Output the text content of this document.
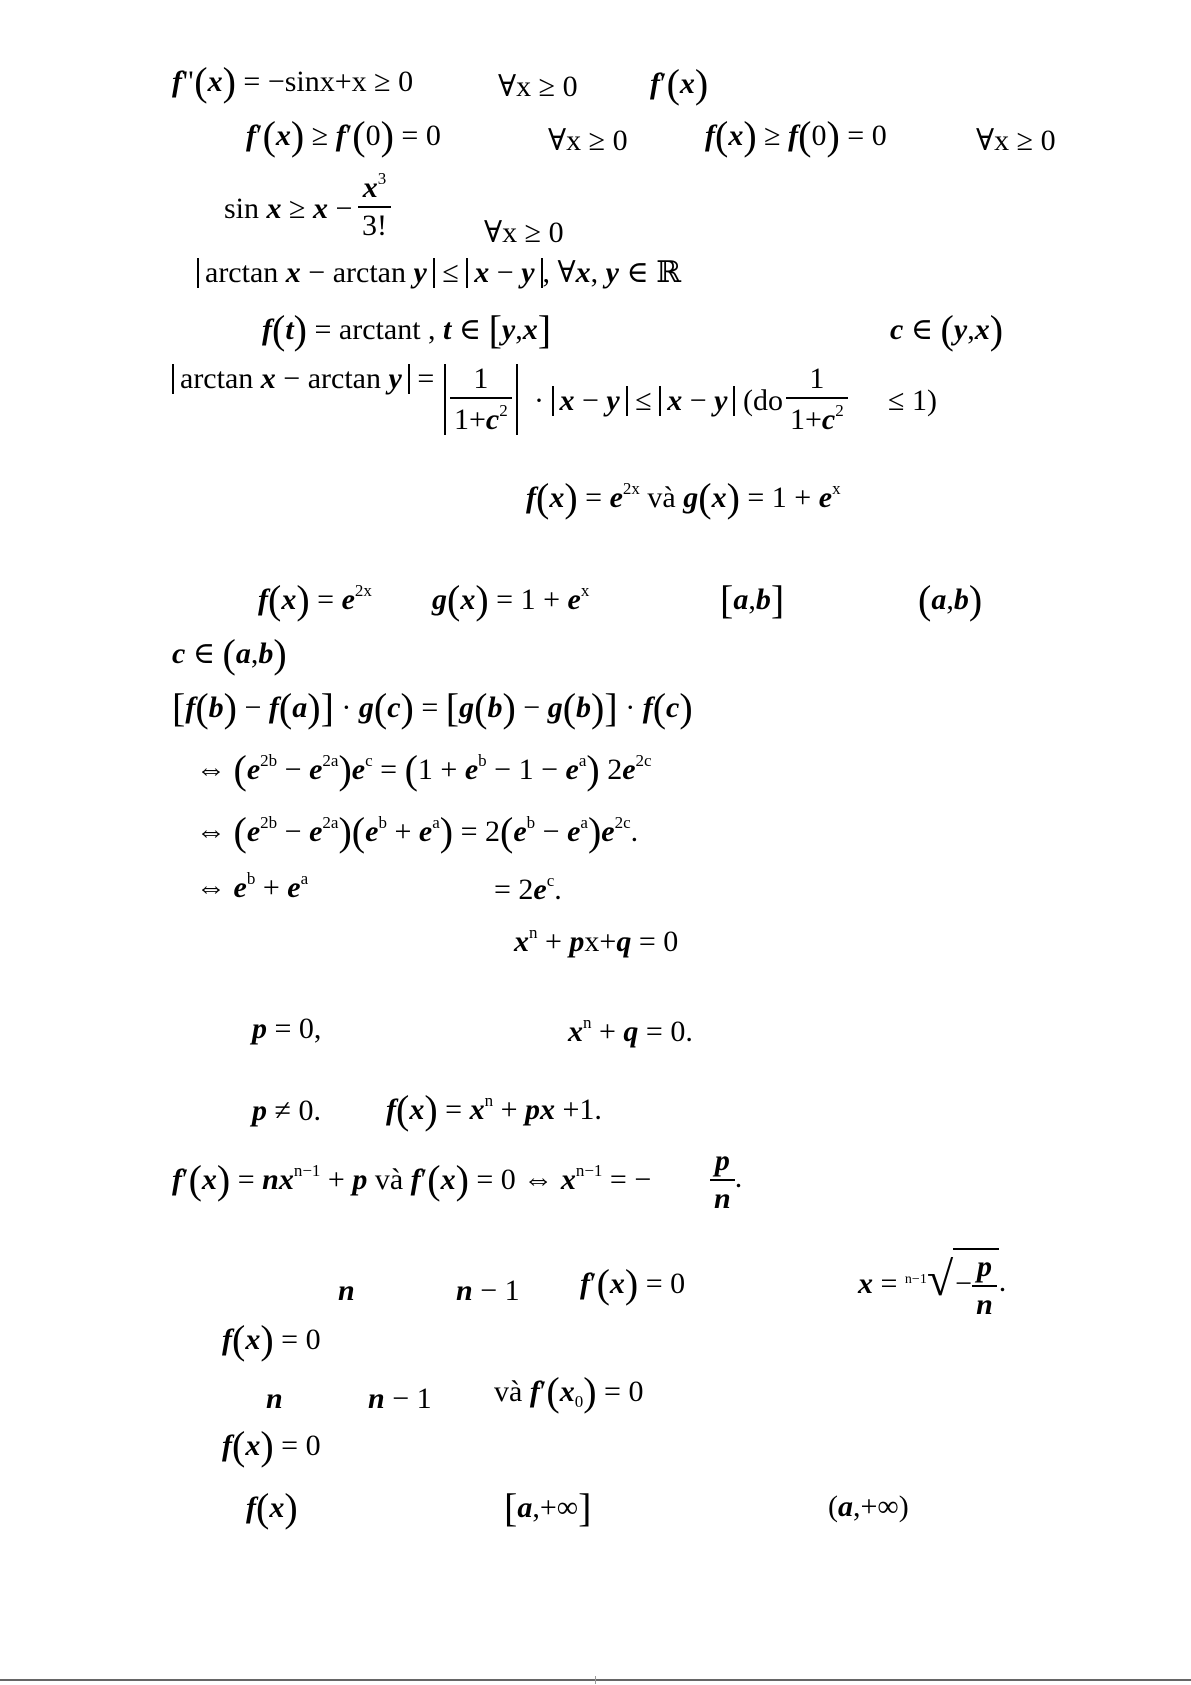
f"(x) = −sinx+x ≥ 0	∀x ≥ 0 f′(x)
f′(x) ≥ f′(0) = 0	∀x ≥ 0	f(x) ≥ f(0) = 0	∀x ≥ 0
$\sin x \ge x - \frac{x^3}{3!}$	∀x ≥ 0
arctan x − arctan y ≤ x − y , ∀x, y ∈ ℝ
f(t) = arctant , t ∈ [y,x]	c ∈ (y,x)
$\arctan x - \arctan y = \frac{1}{1+c^2} \cdot x - y \le x - y$ $(do \frac{1}{1+c^2} \le 1)$
$f(x) = e^{2x}$ và $g(x) = 1 + e^x$
$f(x) = e^{2x}$ $g(x) = 1 + e^x$	[a,b]	(a,b)
c ∈ (a,b)
[f(b) − f(a)] · g(c) = [g(b) − g(b)] · f(c)
⇔ $(e^{2b} - e^{2a})e^c = (1 + e^b - 1 - e^a)$ $2e^{2c}$
⇔ $(e^{2b} - e^{2a})(e^b + e^a) = 2(e^b - e^a)e^{2c}$.
⇔ $e^b + e^a$	= $2e^c$.
$x^n + px+q = 0$
p = 0,	$x^n + q = 0$.
p ≠ 0. $f(x) = x^n$ + px +1.
$f'(x) = nx^{n-1} + p$ và f′(x) = 0 ⇔ $x^{n-1}$ = − $\frac{p}{n}$ .
n	n − 1 f′(x) = 0	$x = ^{n-1}√- \frac{p}{n}$ .
f(x) = 0
n	n − 1 và $f'(x_0) = 0$
f(x) = 0
f(x)	[a,+∞]	(a,+∞)
